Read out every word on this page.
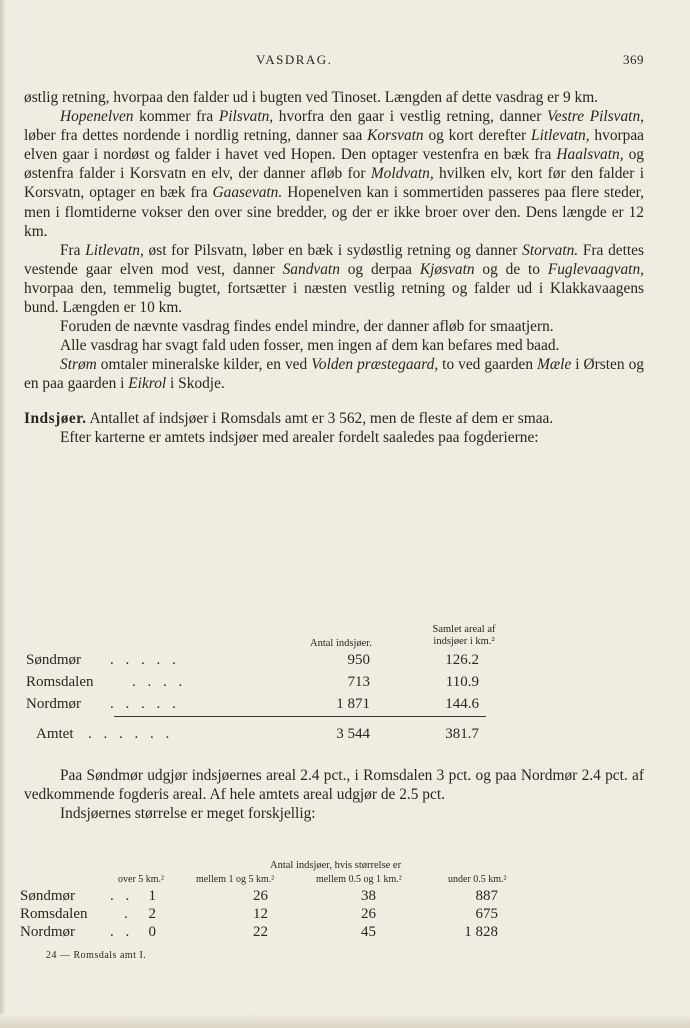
VASDRAG.	369

østlig retning, hvorpaa den falder ud i bugten ved Tinoset. Længden af dette vasdrag er 9 km.

Hopenelven kommer fra Pilsvatn, hvorfra den gaar i vestlig retning, danner Vestre Pilsvatn, løber fra dettes nordende i nordlig retning, danner saa Korsvatn og kort derefter Litlevatn, hvorpaa elven gaar i nordøst og falder i havet ved Hopen. Den optager vestenfra en bæk fra Haalsvatn, og østenfra falder i Korsvatn en elv, der danner afløb for Moldvatn, hvilken elv, kort før den falder i Korsvatn, optager en bæk fra Gaasevatn. Hopenelven kan i sommertiden passeres paa flere steder, men i flomtiderne vokser den over sine bredder, og der er ikke broer over den. Dens længde er 12 km.

Fra Litlevatn, øst for Pilsvatn, løber en bæk i sydøstlig retning og danner Storvatn. Fra dettes vestende gaar elven mod vest, danner Sandvatn og derpaa Kjøsvatn og de to Fuglevaagvatn, hvorpaa den, temmelig bugtet, fortsætter i næsten vestlig retning og falder ud i Klakkavaagens bund. Længden er 10 km.

Foruden de nævnte vasdrag findes endel mindre, der danner afløb for smaatjern.

Alle vasdrag har svagt fald uden fosser, men ingen af dem kan befares med baad.

Strøm omtaler mineralske kilder, en ved Volden præstegaard, to ved gaarden Mæle i Ørsten og en paa gaarden i Eikrol i Skodje.

Indsjøer. Antallet af indsjøer i Romsdals amt er 3 562, men de fleste af dem er smaa.

Efter karterne er amtets indsjøer med arealer fordelt saaledes paa fogderierne:

Samlet areal af
indsjøer i km.²
Antal indsjøer.
Søndmør . . . . .	950	126.2
Romsdalen	. . . .	713	110.9
Nordmør . . . . .	1 871	144.6
Amtet . . . . . .	3 544	381.7

Paa Søndmør udgjør indsjøernes areal 2.4 pct., i Romsdalen 3 pct. og paa Nordmør 2.4 pct. af vedkommende fogderis areal. Af hele amtets areal udgjør de 2.5 pct.

Indsjøernes størrelse er meget forskjellig:

Antal indsjøer, hvis størrelse er
over 5 km.²	mellem 1 og 5 km.²	mellem 0.5 og 1 km.²	under 0.5 km.²
Søndmør . .	1	26	38	887
Romsdalen .	2	12	26	675
Nordmør . .	0	22	45	1 828
24 — Romsdals amt I.
